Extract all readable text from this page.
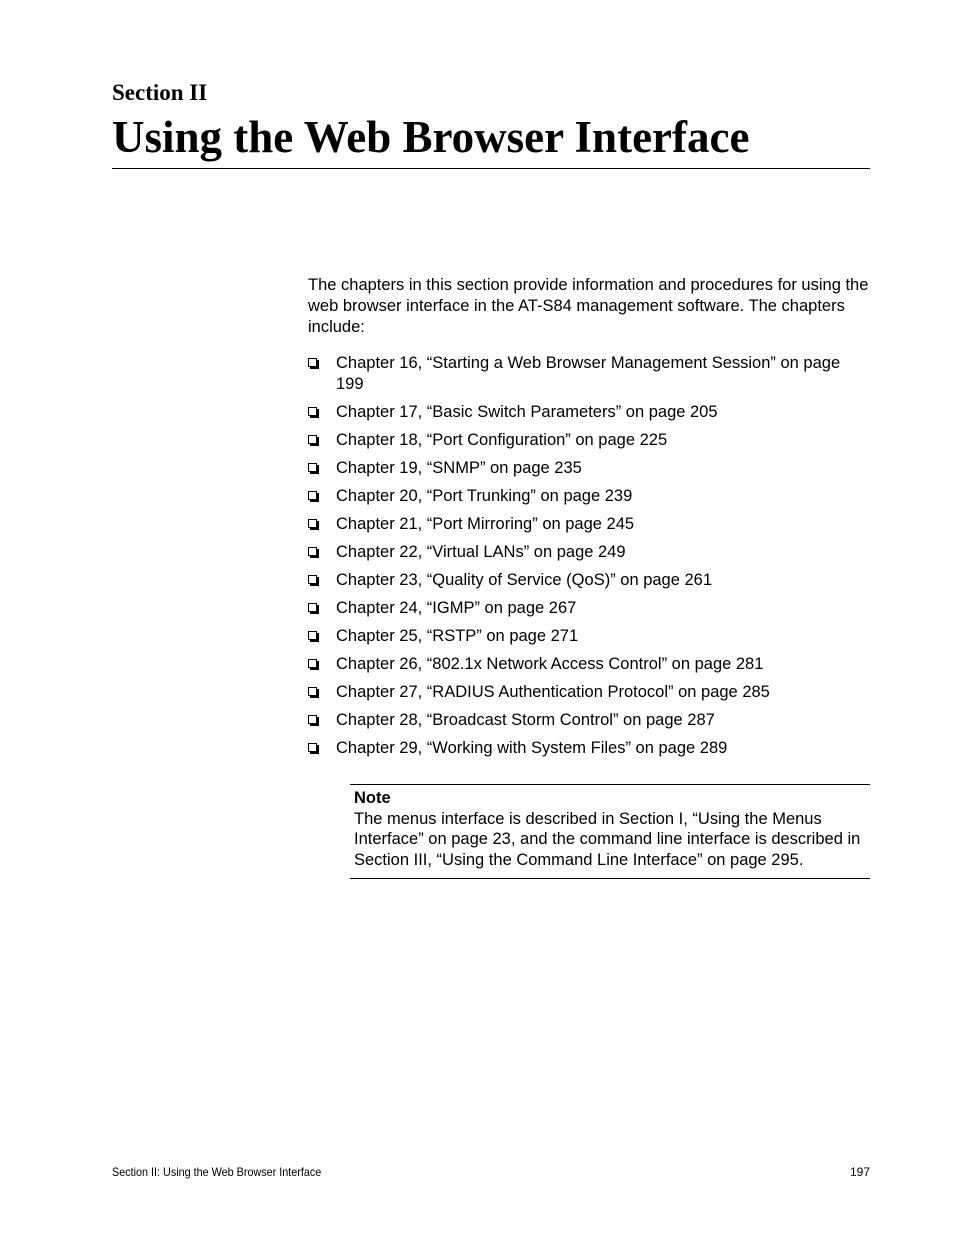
Section II
Using the Web Browser Interface

The chapters in this section provide information and procedures for using the web browser interface in the AT-S84 management software. The chapters include:

Chapter 16, “Starting a Web Browser Management Session” on page 199
Chapter 17, “Basic Switch Parameters” on page 205
Chapter 18, “Port Configuration” on page 225
Chapter 19, “SNMP” on page 235
Chapter 20, “Port Trunking” on page 239
Chapter 21, “Port Mirroring” on page 245
Chapter 22, “Virtual LANs” on page 249
Chapter 23, “Quality of Service (QoS)” on page 261
Chapter 24, “IGMP” on page 267
Chapter 25, “RSTP” on page 271
Chapter 26, “802.1x Network Access Control” on page 281
Chapter 27, “RADIUS Authentication Protocol” on page 285
Chapter 28, “Broadcast Storm Control” on page 287
Chapter 29, “Working with System Files” on page 289

Note

The menus interface is described in Section I, “Using the Menus Interface” on page 23, and the command line interface is described in Section III, “Using the Command Line Interface” on page 295.

Section II: Using the Web Browser Interface	197
